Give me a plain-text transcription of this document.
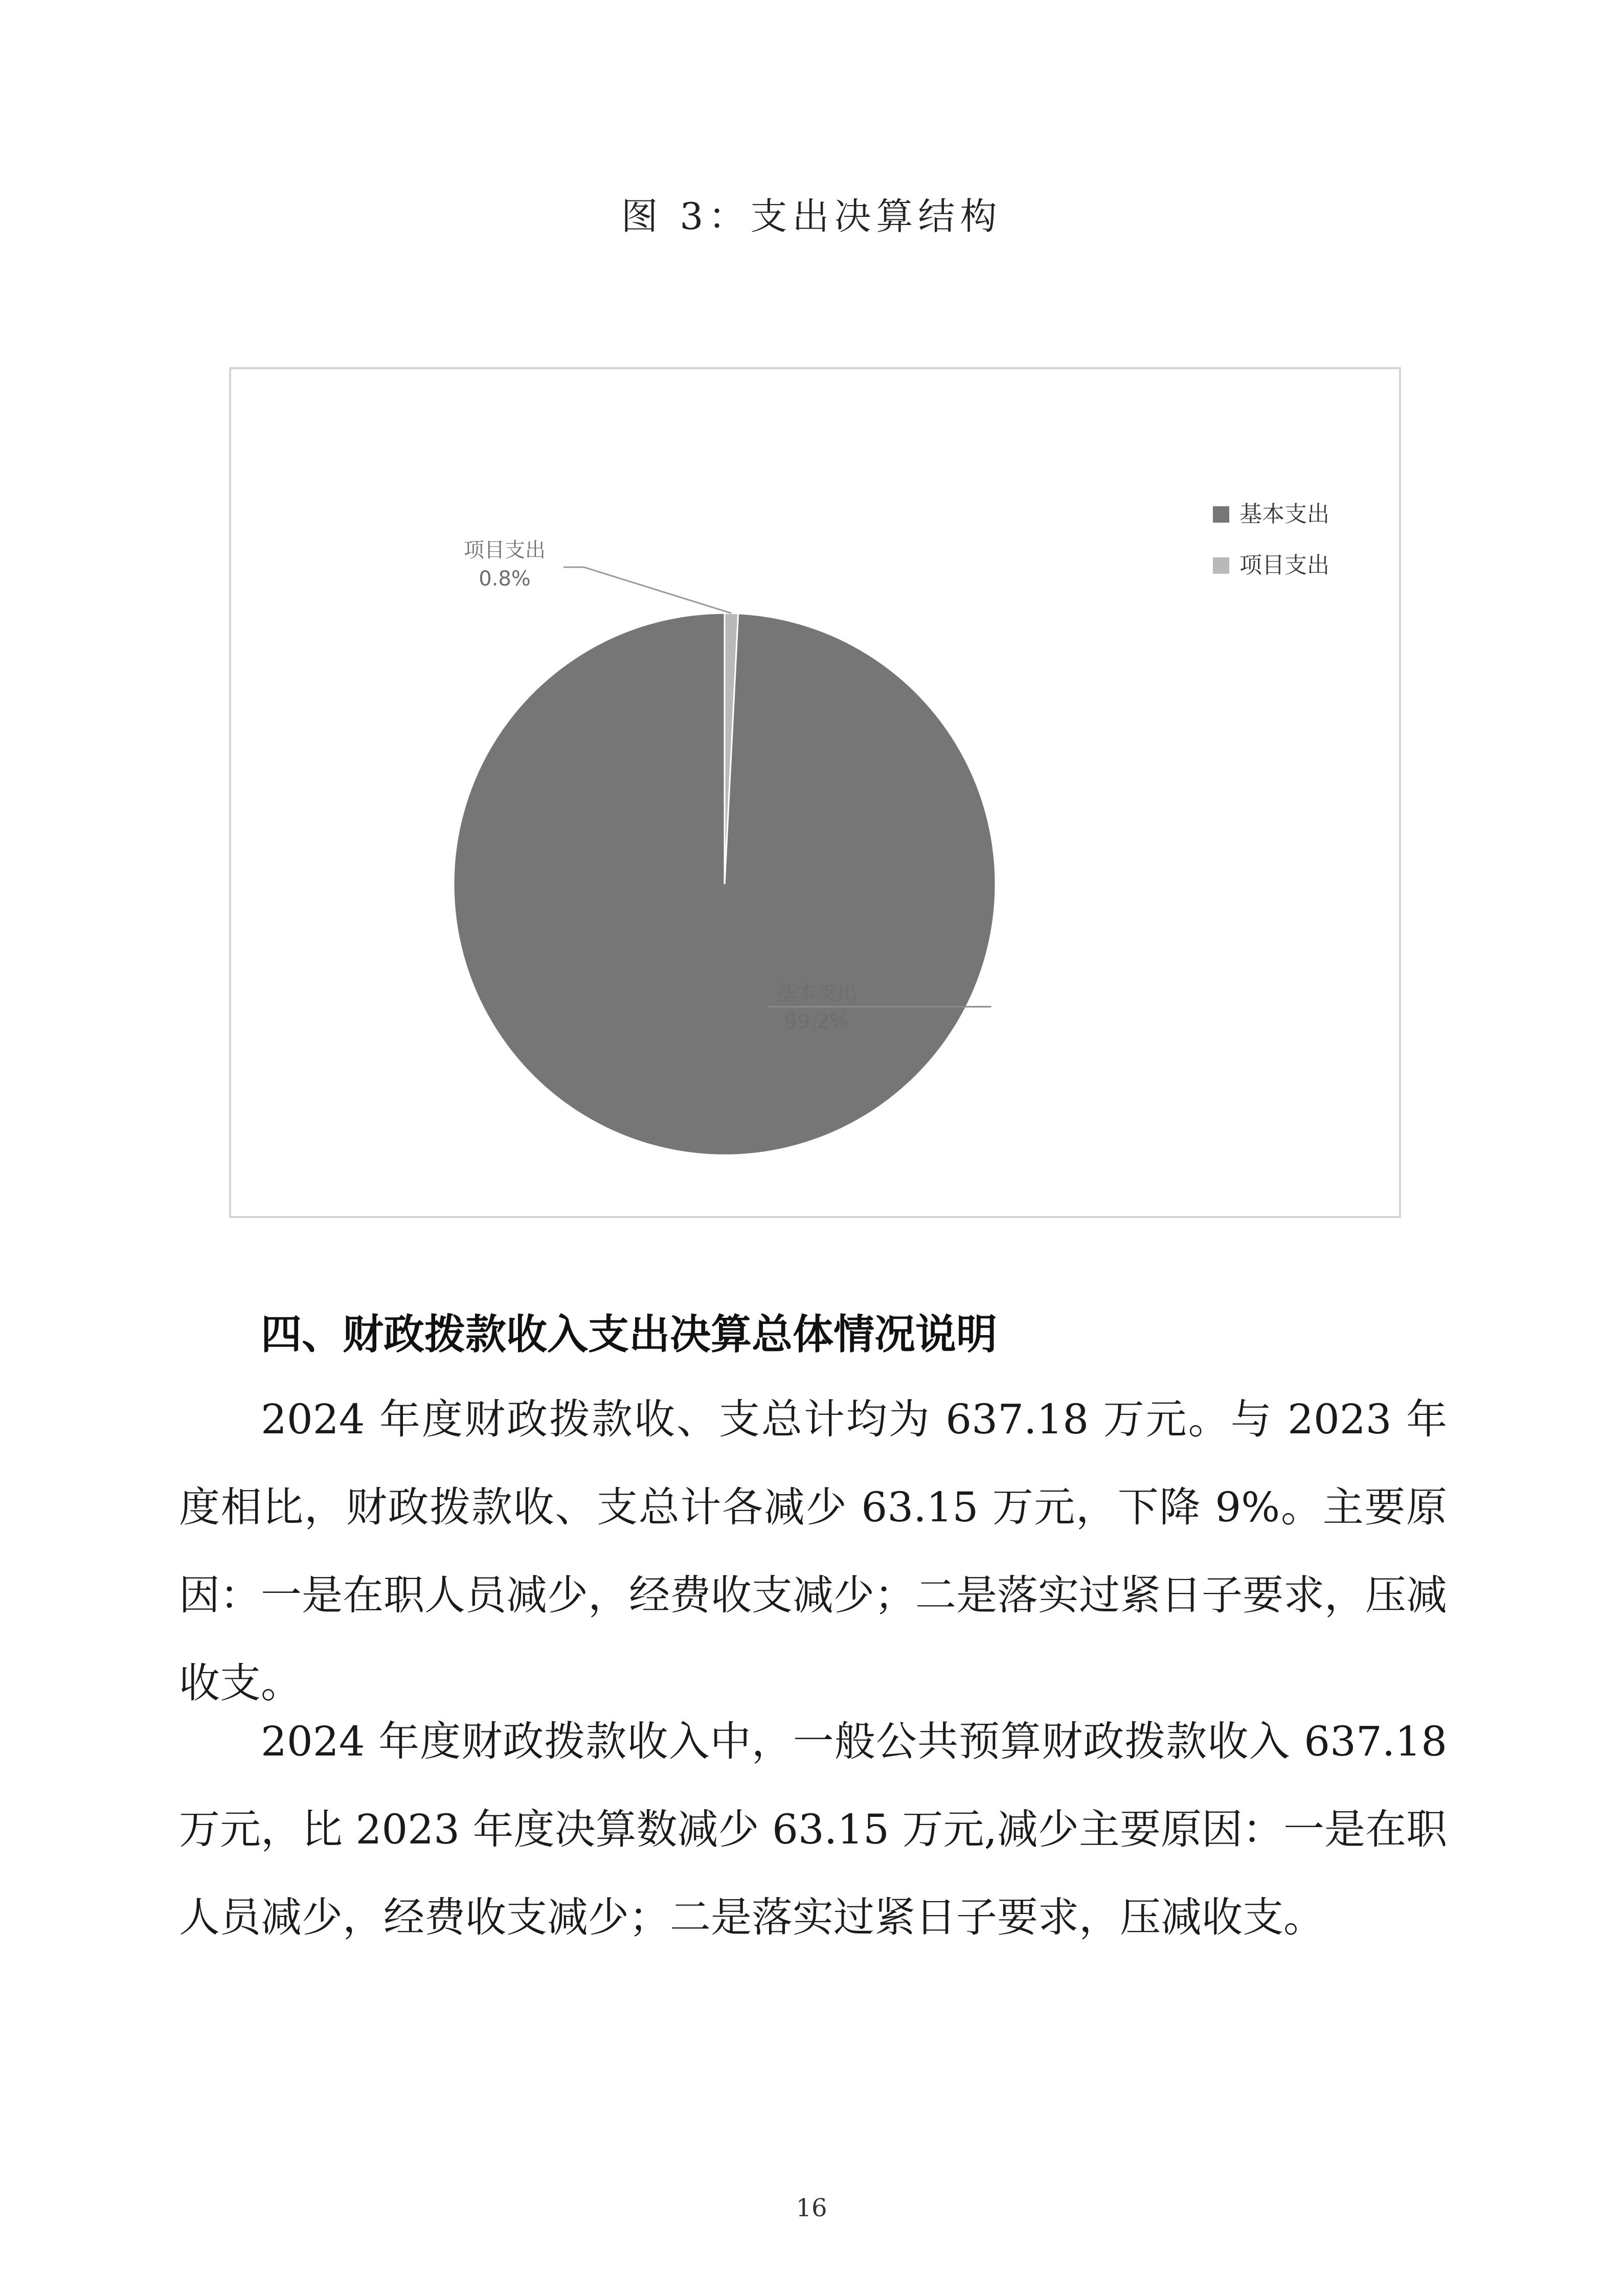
图 3：支出决算结构
基本支出 99.2%
项目支出 0.8%
基本支出
项目支出
四、财政拨款收入支出决算总体情况说明

2024 年度财政拨款收、支总计均为 637.18 万元。与 2023 年度相比，财政拨款收、支总计各减少 63.15 万元，下降 9%。主要原因：一是在职人员减少，经费收支减少；二是落实过紧日子要求，压减收支。

2024 年度财政拨款收入中，一般公共预算财政拨款收入 637.18 万元，比 2023 年度决算数减少 63.15 万元,减少主要原因：一是在职人员减少，经费收支减少；二是落实过紧日子要求，压减收支。

16
